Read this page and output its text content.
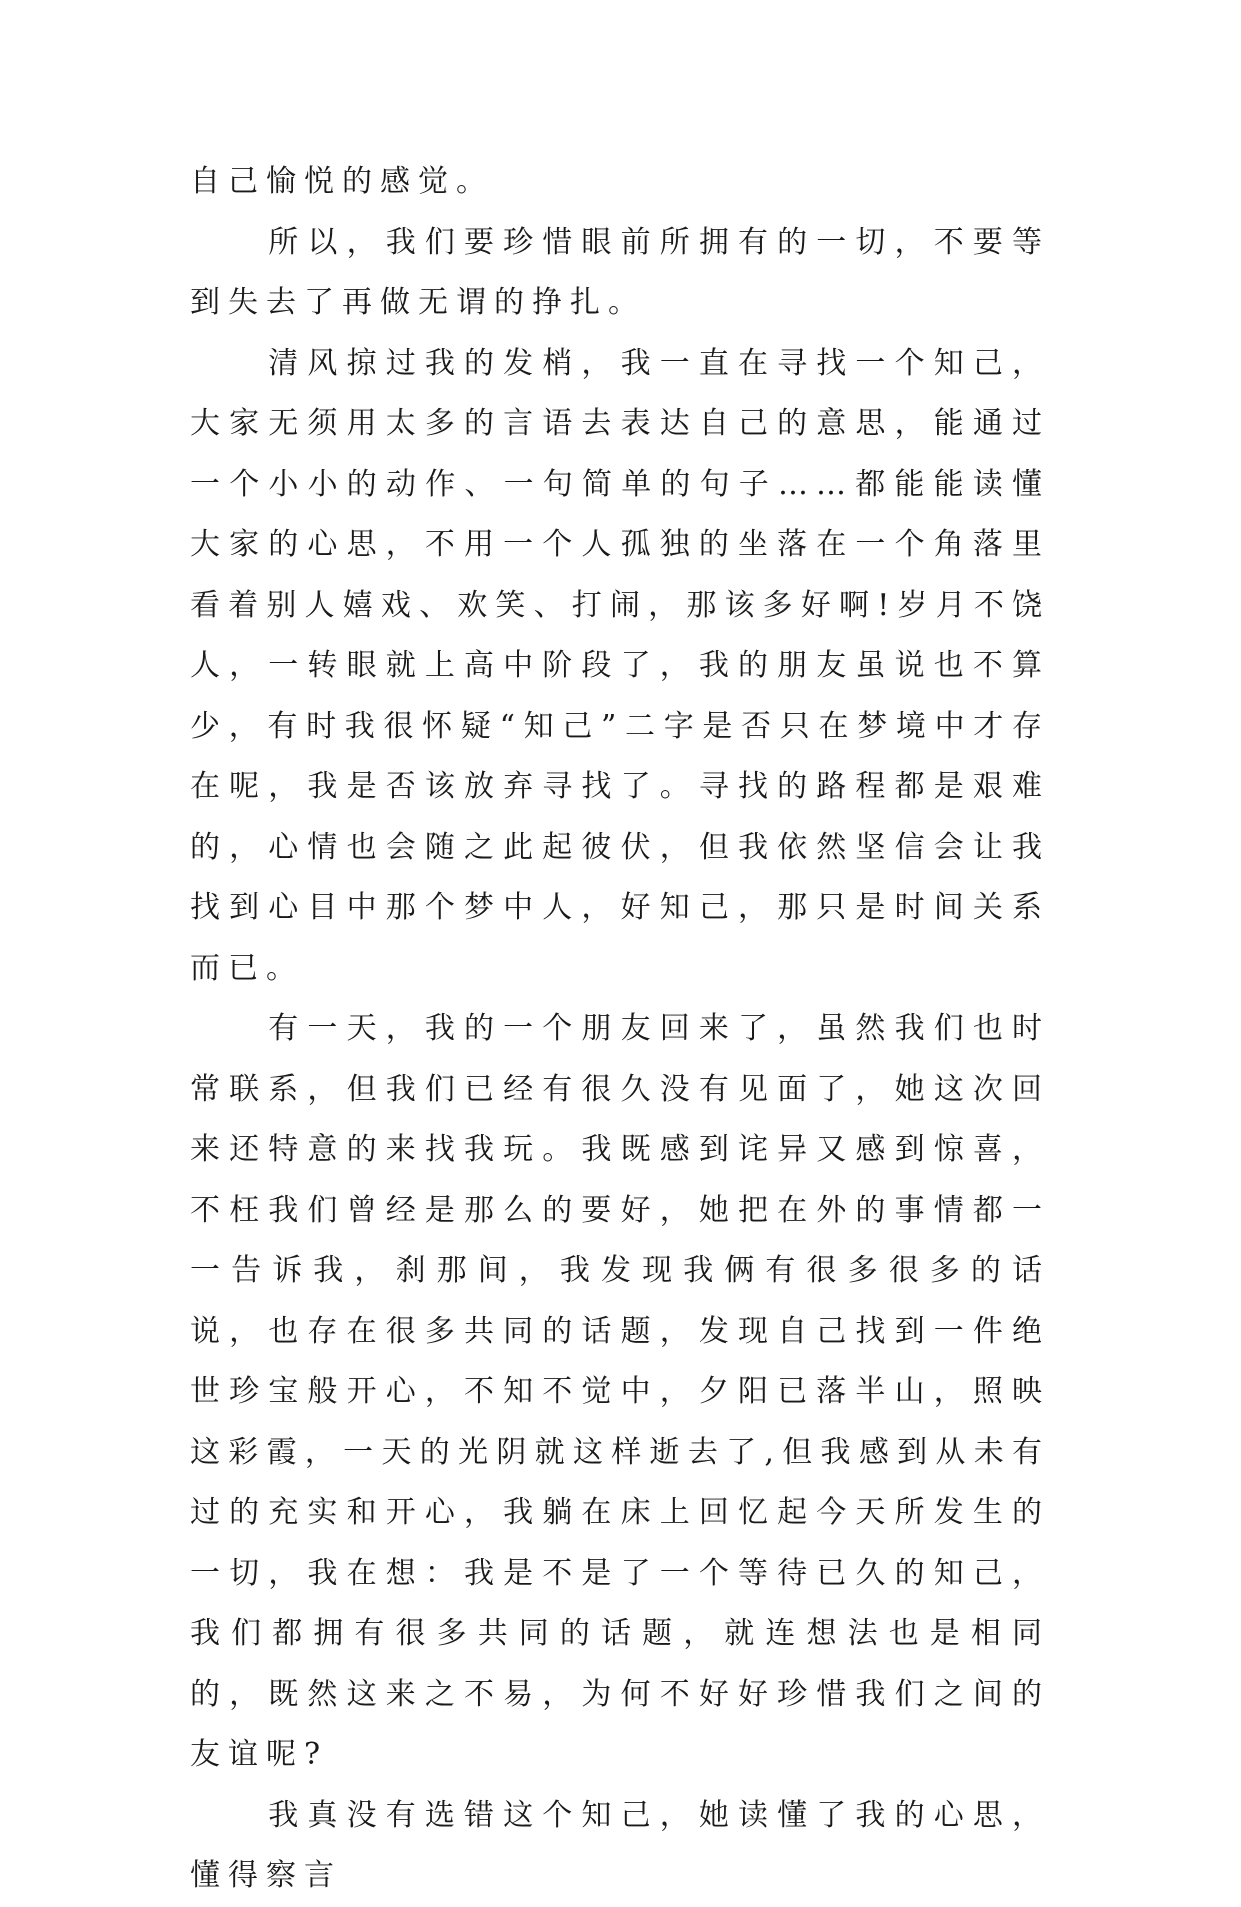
自己愉悦的感觉。

　　所以，我们要珍惜眼前所拥有的一切，不要等到失去了再做无谓的挣扎。

　　清风掠过我的发梢，我一直在寻找一个知己，大家无须用太多的言语去表达自己的意思，能通过一个小小的动作、一句简单的句子……都能能读懂大家的心思，不用一个人孤独的坐落在一个角落里看着别人嬉戏、欢笑、打闹，那该多好啊!岁月不饶人，一转眼就上高中阶段了，我的朋友虽说也不算少，有时我很怀疑“知己”二字是否只在梦境中才存在呢，我是否该放弃寻找了。寻找的路程都是艰难的，心情也会随之此起彼伏，但我依然坚信会让我找到心目中那个梦中人，好知己，那只是时间关系而已。

　　有一天，我的一个朋友回来了，虽然我们也时常联系，但我们已经有很久没有见面了，她这次回来还特意的来找我玩。我既感到诧异又感到惊喜，不枉我们曾经是那么的要好，她把在外的事情都一一告诉我，刹那间，我发现我俩有很多很多的话说，也存在很多共同的话题，发现自己找到一件绝世珍宝般开心，不知不觉中，夕阳已落半山，照映这彩霞，一天的光阴就这样逝去了,但我感到从未有过的充实和开心，我躺在床上回忆起今天所发生的一切，我在想：我是不是了一个等待已久的知己，我们都拥有很多共同的话题，就连想法也是相同的，既然这来之不易，为何不好好珍惜我们之间的友谊呢?

　　我真没有选错这个知己，她读懂了我的心思，懂得察言
